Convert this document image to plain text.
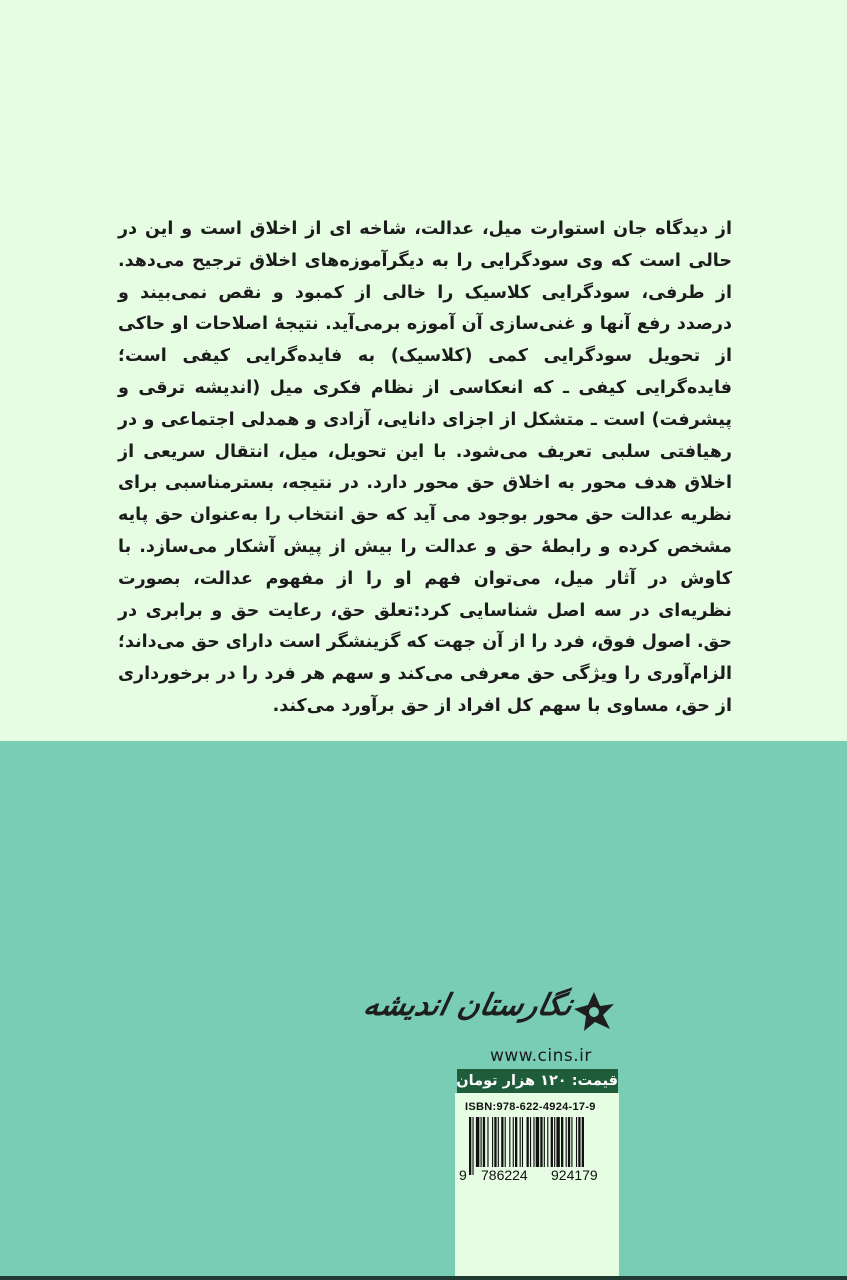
از دیدگاه جان استوارت میل، عدالت، شاخه ای از اخلاق است و این در حالی است که وی سودگرایی را به دیگرآموزه‌های اخلاق ترجیح می‌دهد. از طرفی، سودگرایی کلاسیک را خالی از کمبود و نقص نمی‌بیند و درصدد رفع آنها و غنی‌سازی آن آموزه برمی‌آید. نتیجهٔ اصلاحات او حاکی از تحویل سودگرایی کمی (کلاسیک) به فایده‌گرایی کیفی است؛ فایده‌گرایی کیفی ـ که انعکاسی از نظام فکری میل (اندیشه ترقی و پیشرفت) است ـ متشکل از اجزای دانایی، آزادی و همدلی اجتماعی و در رهیافتی سلبی تعریف می‌شود. با این تحویل، میل، انتقال سریعی از اخلاق هدف محور به اخلاق حق محور دارد. در نتیجه، بسترمناسبی برای نظریه عدالت حق محور بوجود می آید که حق انتخاب را به‌عنوان حق پایه مشخص کرده و رابطهٔ حق و عدالت را بیش از پیش آشکار می‌سازد. با کاوش در آثار میل، می‌توان فهم او را از مفهوم عدالت، بصورت نظریه‌ای در سه اصل شناسایی کرد:تعلق حق، رعایت حق و برابری در حق. اصول فوق، فرد را از آن جهت که گزینشگر است دارای حق می‌داند؛ الزام‌آوری را ویژگی حق معرفی می‌کند و سهم هر فرد را در برخورداری از حق، مساوی با سهم کل افراد از حق برآورد می‌کند.

نگارستان اندیشه
www.cins.ir
قیمت: ۱۲۰ هزار تومان
ISBN:978-622-4924-17-9
9 786224 924179
